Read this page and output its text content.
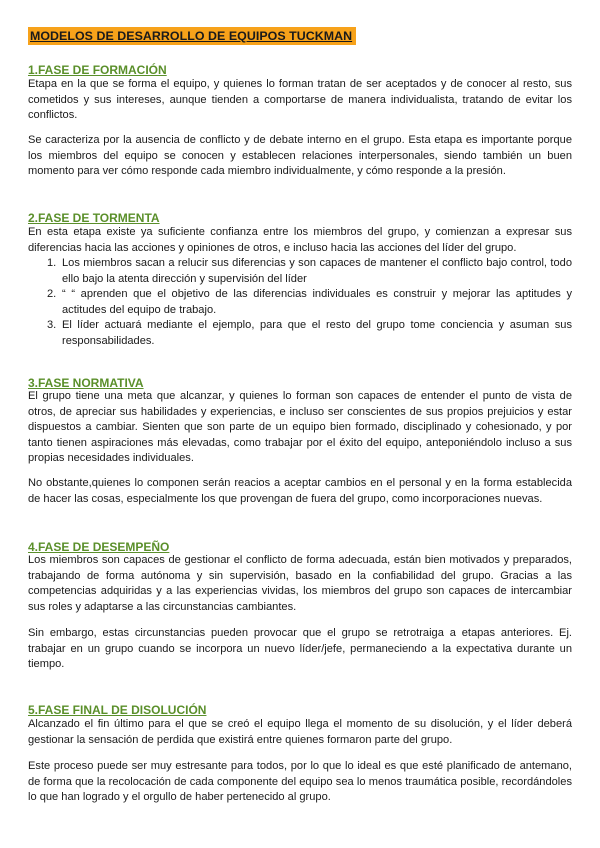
MODELOS DE DESARROLLO DE EQUIPOS TUCKMAN
1.FASE DE FORMACIÓN

Etapa en la que se forma el equipo, y quienes lo forman tratan de ser aceptados y de conocer al resto, sus cometidos y sus intereses, aunque tienden a comportarse de manera individualista, tratando de evitar los conflictos.

Se caracteriza por la ausencia de conflicto y de debate interno en el grupo. Esta etapa es importante porque los miembros del equipo se conocen y establecen relaciones interpersonales, siendo también un buen momento para ver cómo responde cada miembro individualmente, y cómo responde a la presión.

2.FASE DE TORMENTA

En esta etapa existe ya suficiente confianza entre los miembros del grupo, y comienzan a expresar sus diferencias hacia las acciones y opiniones de otros, e incluso hacia las acciones del líder del grupo.

1. Los miembros sacan a relucir sus diferencias y son capaces de mantener el conflicto bajo control, todo ello bajo la atenta dirección y supervisión del líder
2. “ “ aprenden que el objetivo de las diferencias individuales es construir y mejorar las aptitudes y actitudes del equipo de trabajo.
3. El líder actuará mediante el ejemplo, para que el resto del grupo tome conciencia y asuman sus responsabilidades.
3.FASE NORMATIVA

El grupo tiene una meta que alcanzar, y quienes lo forman son capaces de entender el punto de vista de otros, de apreciar sus habilidades y experiencias, e incluso ser conscientes de sus propios prejuicios y estar dispuestos a cambiar. Sienten que son parte de un equipo bien formado, disciplinado y cohesionado, y por tanto tienen aspiraciones más elevadas, como trabajar por el éxito del equipo, anteponiéndolo incluso a sus propias necesidades individuales.

No obstante,quienes lo componen serán reacios a aceptar cambios en el personal y en la forma establecida de hacer las cosas, especialmente los que provengan de fuera del grupo, como incorporaciones nuevas.

4.FASE DE DESEMPEÑO

Los miembros son capaces de gestionar el conflicto de forma adecuada, están bien motivados y preparados, trabajando de forma autónoma y sin supervisión, basado en la confiabilidad del grupo. Gracias a las competencias adquiridas y a las experiencias vividas, los miembros del grupo son capaces de intercambiar sus roles y adaptarse a las circunstancias cambiantes.

Sin embargo, estas circunstancias pueden provocar que el grupo se retrotraiga a etapas anteriores. Ej. trabajar en un grupo cuando se incorpora un nuevo líder/jefe, permaneciendo a la expectativa durante un tiempo.

5.FASE FINAL DE DISOLUCIÓN

Alcanzado el fin último para el que se creó el equipo llega el momento de su disolución, y el líder deberá gestionar la sensación de perdida que existirá entre quienes formaron parte del grupo.

Este proceso puede ser muy estresante para todos, por lo que lo ideal es que esté planificado de antemano, de forma que la recolocación de cada componente del equipo sea lo menos traumática posible, recordándoles lo que han logrado y el orgullo de haber pertenecido al grupo.
